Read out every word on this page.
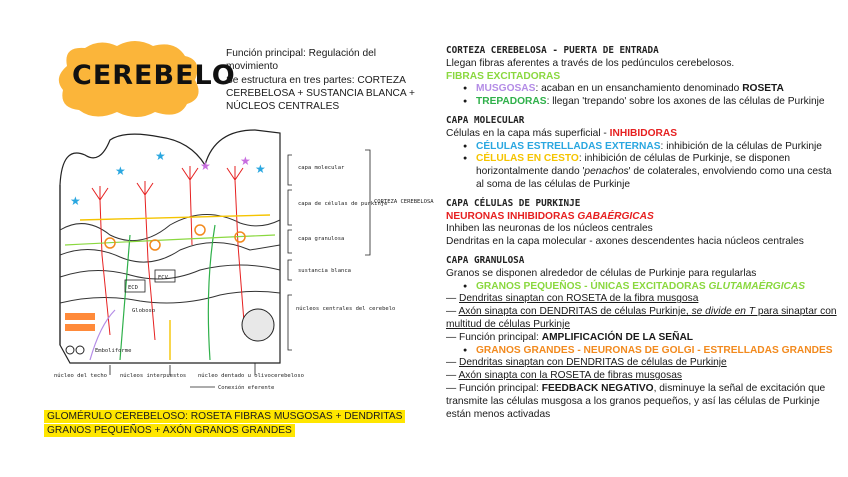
CEREBELO

Función principal: Regulación del movimiento

Se estructura en tres partes: CORTEZA CEREBELOSA + SUSTANCIA BLANCA + NÚCLEOS CENTRALES

★
★
★
★
★ ★
ECD
ECV
Globoso
Emboliforme
Conexión eferente
núcleo del techo núcleos interpuestos núcleo dentado u olivocerebeloso
capa molecular
capa de células de purkinje
capa granulosa
sustancia blanca
núcleos centrales del cerebelo
CORTEZA CEREBELOSA
GLOMÉRULO CEREBELOSO: ROSETA FIBRAS MUSGOSAS + DENDRITAS GRANOS PEQUEÑOS + AXÓN GRANOS GRANDES
CORTEZA CEREBELOSA - PUERTA DE ENTRADA

Llegan fibras aferentes a través de los pedúnculos cerebelosos.

FIBRAS EXCITADORAS

● MUSGOSAS: acaban en un ensanchamiento denominado ROSETA

● TREPADORAS: llegan 'trepando' sobre los axones de las células de Purkinje

CAPA MOLECULAR

Células en la capa más superficial - INHIBIDORAS

● CÉLULAS ESTRELLADAS EXTERNAS: inhibición de la células de Purkinje

● CÉLULAS EN CESTO: inhibición de células de Purkinje, se disponen horizontalmente dando 'penachos' de colaterales, envolviendo como una cesta al soma de las células de Purkinje

CAPA CÉLULAS DE PURKINJE

NEURONAS INHIBIDORAS GABAÉRGICAS

Inhiben las neuronas de los núcleos centrales

Dendritas en la capa molecular - axones descendentes hacia núcleos centrales

CAPA GRANULOSA

Granos se disponen alrededor de células de Purkinje para regularlas

● GRANOS PEQUEÑOS - ÚNICAS EXCITADORAS GLUTAMAÉRGICAS

— Dendritas sinaptan con ROSETA de la fibra musgosa

— Axón sinapta con DENDRITAS de células Purkinje, se divide en T para sinaptar con multitud de células Purkinje

— Función principal: AMPLIFICACIÓN DE LA SEÑAL

● GRANOS GRANDES - NEURONAS DE GOLGI - ESTRELLADAS GRANDES

— Dendritas sinaptan con DENDRITAS de células de Purkinje

— Axón sinapta con la ROSETA de fibras musgosas

— Función principal: FEEDBACK NEGATIVO, disminuye la señal de excitación que transmite las células musgosa a los granos pequeños, y así las células de Purkinje están menos activadas
